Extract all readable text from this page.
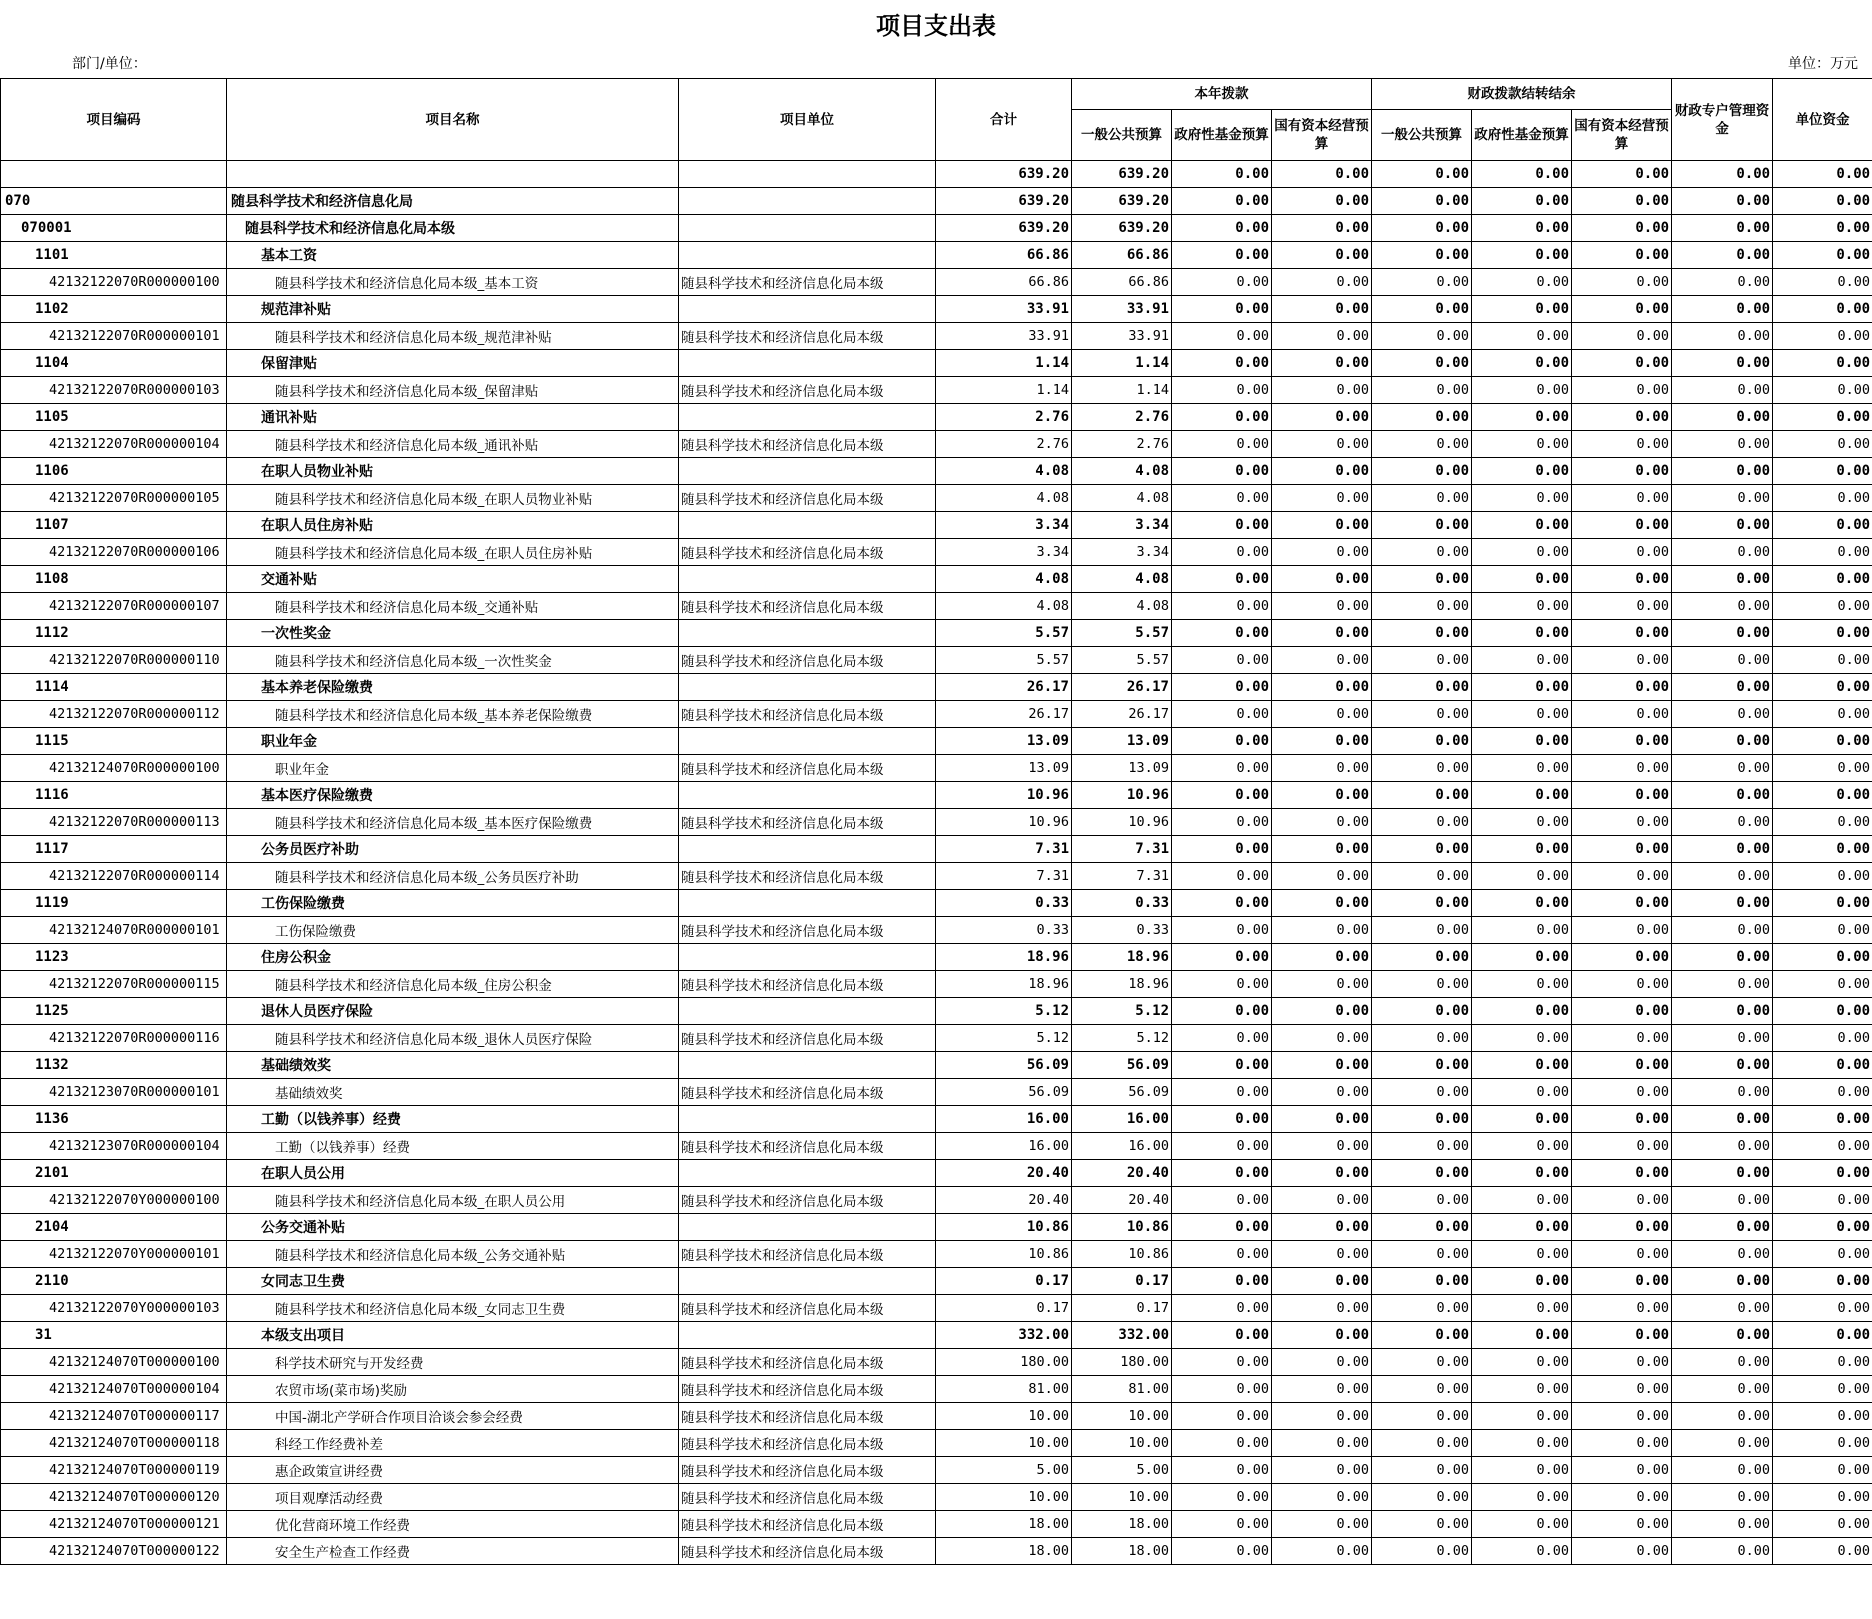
项目支出表
部门/单位：	单位：万元
项目编码	项目名称	项目单位	合计	本年拨款			财政拨款结转结余			财政专户管理资金	单位资金
				一般公共预算	政府性基金预算	国有资本经营预算	一般公共预算	政府性基金预算	国有资本经营预算		
			639.20	639.20	0.00	0.00	0.00	0.00	0.00	0.00	0.00
070	随县科学技术和经济信息化局		639.20	639.20	0.00	0.00	0.00	0.00	0.00	0.00	0.00
070001	随县科学技术和经济信息化局本级		639.20	639.20	0.00	0.00	0.00	0.00	0.00	0.00	0.00
1101	基本工资		66.86	66.86	0.00	0.00	0.00	0.00	0.00	0.00	0.00
42132122070R000000100	随县科学技术和经济信息化局本级_基本工资	随县科学技术和经济信息化局本级	66.86	66.86	0.00	0.00	0.00	0.00	0.00	0.00	0.00
1102	规范津补贴		33.91	33.91	0.00	0.00	0.00	0.00	0.00	0.00	0.00
42132122070R000000101	随县科学技术和经济信息化局本级_规范津补贴	随县科学技术和经济信息化局本级	33.91	33.91	0.00	0.00	0.00	0.00	0.00	0.00	0.00
1104	保留津贴		1.14	1.14	0.00	0.00	0.00	0.00	0.00	0.00	0.00
42132122070R000000103	随县科学技术和经济信息化局本级_保留津贴	随县科学技术和经济信息化局本级	1.14	1.14	0.00	0.00	0.00	0.00	0.00	0.00	0.00
1105	通讯补贴		2.76	2.76	0.00	0.00	0.00	0.00	0.00	0.00	0.00
42132122070R000000104	随县科学技术和经济信息化局本级_通讯补贴	随县科学技术和经济信息化局本级	2.76	2.76	0.00	0.00	0.00	0.00	0.00	0.00	0.00
1106	在职人员物业补贴		4.08	4.08	0.00	0.00	0.00	0.00	0.00	0.00	0.00
42132122070R000000105	随县科学技术和经济信息化局本级_在职人员物业补贴	随县科学技术和经济信息化局本级	4.08	4.08	0.00	0.00	0.00	0.00	0.00	0.00	0.00
1107	在职人员住房补贴		3.34	3.34	0.00	0.00	0.00	0.00	0.00	0.00	0.00
42132122070R000000106	随县科学技术和经济信息化局本级_在职人员住房补贴	随县科学技术和经济信息化局本级	3.34	3.34	0.00	0.00	0.00	0.00	0.00	0.00	0.00
1108	交通补贴		4.08	4.08	0.00	0.00	0.00	0.00	0.00	0.00	0.00
42132122070R000000107	随县科学技术和经济信息化局本级_交通补贴	随县科学技术和经济信息化局本级	4.08	4.08	0.00	0.00	0.00	0.00	0.00	0.00	0.00
1112	一次性奖金		5.57	5.57	0.00	0.00	0.00	0.00	0.00	0.00	0.00
42132122070R000000110	随县科学技术和经济信息化局本级_一次性奖金	随县科学技术和经济信息化局本级	5.57	5.57	0.00	0.00	0.00	0.00	0.00	0.00	0.00
1114	基本养老保险缴费		26.17	26.17	0.00	0.00	0.00	0.00	0.00	0.00	0.00
42132122070R000000112	随县科学技术和经济信息化局本级_基本养老保险缴费	随县科学技术和经济信息化局本级	26.17	26.17	0.00	0.00	0.00	0.00	0.00	0.00	0.00
1115	职业年金		13.09	13.09	0.00	0.00	0.00	0.00	0.00	0.00	0.00
42132124070R000000100	职业年金	随县科学技术和经济信息化局本级	13.09	13.09	0.00	0.00	0.00	0.00	0.00	0.00	0.00
1116	基本医疗保险缴费		10.96	10.96	0.00	0.00	0.00	0.00	0.00	0.00	0.00
42132122070R000000113	随县科学技术和经济信息化局本级_基本医疗保险缴费	随县科学技术和经济信息化局本级	10.96	10.96	0.00	0.00	0.00	0.00	0.00	0.00	0.00
1117	公务员医疗补助		7.31	7.31	0.00	0.00	0.00	0.00	0.00	0.00	0.00
42132122070R000000114	随县科学技术和经济信息化局本级_公务员医疗补助	随县科学技术和经济信息化局本级	7.31	7.31	0.00	0.00	0.00	0.00	0.00	0.00	0.00
1119	工伤保险缴费		0.33	0.33	0.00	0.00	0.00	0.00	0.00	0.00	0.00
42132124070R000000101	工伤保险缴费	随县科学技术和经济信息化局本级	0.33	0.33	0.00	0.00	0.00	0.00	0.00	0.00	0.00
1123	住房公积金		18.96	18.96	0.00	0.00	0.00	0.00	0.00	0.00	0.00
42132122070R000000115	随县科学技术和经济信息化局本级_住房公积金	随县科学技术和经济信息化局本级	18.96	18.96	0.00	0.00	0.00	0.00	0.00	0.00	0.00
1125	退休人员医疗保险		5.12	5.12	0.00	0.00	0.00	0.00	0.00	0.00	0.00
42132122070R000000116	随县科学技术和经济信息化局本级_退休人员医疗保险	随县科学技术和经济信息化局本级	5.12	5.12	0.00	0.00	0.00	0.00	0.00	0.00	0.00
1132	基础绩效奖		56.09	56.09	0.00	0.00	0.00	0.00	0.00	0.00	0.00
42132123070R000000101	基础绩效奖	随县科学技术和经济信息化局本级	56.09	56.09	0.00	0.00	0.00	0.00	0.00	0.00	0.00
1136	工勤（以钱养事）经费		16.00	16.00	0.00	0.00	0.00	0.00	0.00	0.00	0.00
42132123070R000000104	工勤（以钱养事）经费	随县科学技术和经济信息化局本级	16.00	16.00	0.00	0.00	0.00	0.00	0.00	0.00	0.00
2101	在职人员公用		20.40	20.40	0.00	0.00	0.00	0.00	0.00	0.00	0.00
42132122070Y000000100	随县科学技术和经济信息化局本级_在职人员公用	随县科学技术和经济信息化局本级	20.40	20.40	0.00	0.00	0.00	0.00	0.00	0.00	0.00
2104	公务交通补贴		10.86	10.86	0.00	0.00	0.00	0.00	0.00	0.00	0.00
42132122070Y000000101	随县科学技术和经济信息化局本级_公务交通补贴	随县科学技术和经济信息化局本级	10.86	10.86	0.00	0.00	0.00	0.00	0.00	0.00	0.00
2110	女同志卫生费		0.17	0.17	0.00	0.00	0.00	0.00	0.00	0.00	0.00
42132122070Y000000103	随县科学技术和经济信息化局本级_女同志卫生费	随县科学技术和经济信息化局本级	0.17	0.17	0.00	0.00	0.00	0.00	0.00	0.00	0.00
31	本级支出项目		332.00	332.00	0.00	0.00	0.00	0.00	0.00	0.00	0.00
42132124070T000000100	科学技术研究与开发经费	随县科学技术和经济信息化局本级	180.00	180.00	0.00	0.00	0.00	0.00	0.00	0.00	0.00
42132124070T000000104	农贸市场(菜市场)奖励	随县科学技术和经济信息化局本级	81.00	81.00	0.00	0.00	0.00	0.00	0.00	0.00	0.00
42132124070T000000117	中国-湖北产学研合作项目洽谈会参会经费	随县科学技术和经济信息化局本级	10.00	10.00	0.00	0.00	0.00	0.00	0.00	0.00	0.00
42132124070T000000118	科经工作经费补差	随县科学技术和经济信息化局本级	10.00	10.00	0.00	0.00	0.00	0.00	0.00	0.00	0.00
42132124070T000000119	惠企政策宣讲经费	随县科学技术和经济信息化局本级	5.00	5.00	0.00	0.00	0.00	0.00	0.00	0.00	0.00
42132124070T000000120	项目观摩活动经费	随县科学技术和经济信息化局本级	10.00	10.00	0.00	0.00	0.00	0.00	0.00	0.00	0.00
42132124070T000000121	优化营商环境工作经费	随县科学技术和经济信息化局本级	18.00	18.00	0.00	0.00	0.00	0.00	0.00	0.00	0.00
42132124070T000000122	安全生产检查工作经费	随县科学技术和经济信息化局本级	18.00	18.00	0.00	0.00	0.00	0.00	0.00	0.00	0.00
